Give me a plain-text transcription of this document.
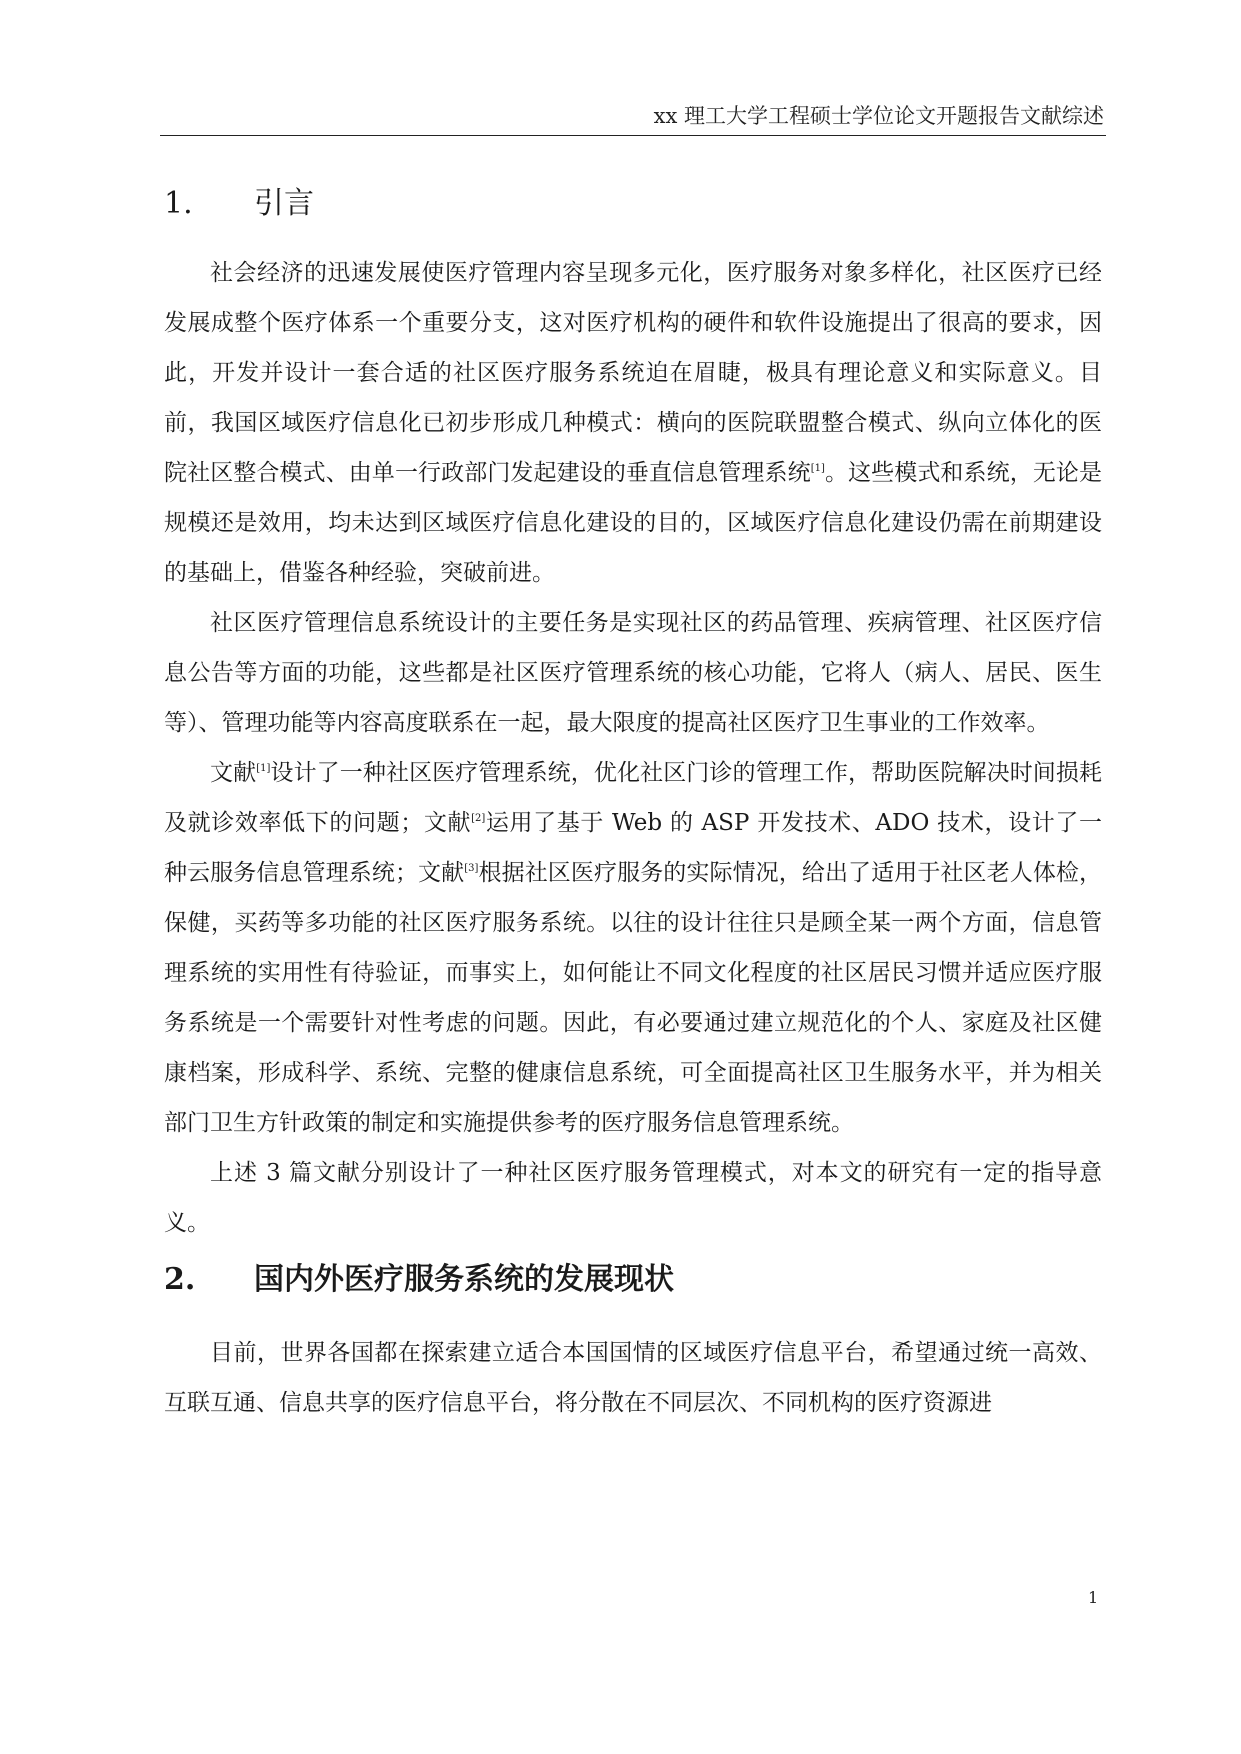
xx 理工大学工程硕士学位论文开题报告文献综述
1. 引言

社会经济的迅速发展使医疗管理内容呈现多元化，医疗服务对象多样化，社区医疗已经发展成整个医疗体系一个重要分支，这对医疗机构的硬件和软件设施提出了很高的要求，因此，开发并设计一套合适的社区医疗服务系统迫在眉睫，极具有理论意义和实际意义。目前，我国区域医疗信息化已初步形成几种模式：横向的医院联盟整合模式、纵向立体化的医院社区整合模式、由单一行政部门发起建设的垂直信息管理系统[1]。这些模式和系统，无论是规模还是效用，均未达到区域医疗信息化建设的目的，区域医疗信息化建设仍需在前期建设的基础上，借鉴各种经验，突破前进。

社区医疗管理信息系统设计的主要任务是实现社区的药品管理、疾病管理、社区医疗信息公告等方面的功能，这些都是社区医疗管理系统的核心功能，它将人（病人、居民、医生等）、管理功能等内容高度联系在一起，最大限度的提高社区医疗卫生事业的工作效率。

文献[1]设计了一种社区医疗管理系统，优化社区门诊的管理工作，帮助医院解决时间损耗及就诊效率低下的问题；文献[2]运用了基于 Web 的 ASP 开发技术、ADO 技术，设计了一种云服务信息管理系统；文献[3]根据社区医疗服务的实际情况，给出了适用于社区老人体检，保健，买药等多功能的社区医疗服务系统。以往的设计往往只是顾全某一两个方面，信息管理系统的实用性有待验证，而事实上，如何能让不同文化程度的社区居民习惯并适应医疗服务系统是一个需要针对性考虑的问题。因此，有必要通过建立规范化的个人、家庭及社区健康档案，形成科学、系统、完整的健康信息系统，可全面提高社区卫生服务水平，并为相关部门卫生方针政策的制定和实施提供参考的医疗服务信息管理系统。

上述 3 篇文献分别设计了一种社区医疗服务管理模式，对本文的研究有一定的指导意义。

2. 国内外医疗服务系统的发展现状

目前，世界各国都在探索建立适合本国国情的区域医疗信息平台，希望通过统一高效、互联互通、信息共享的医疗信息平台，将分散在不同层次、不同机构的医疗资源进

1
